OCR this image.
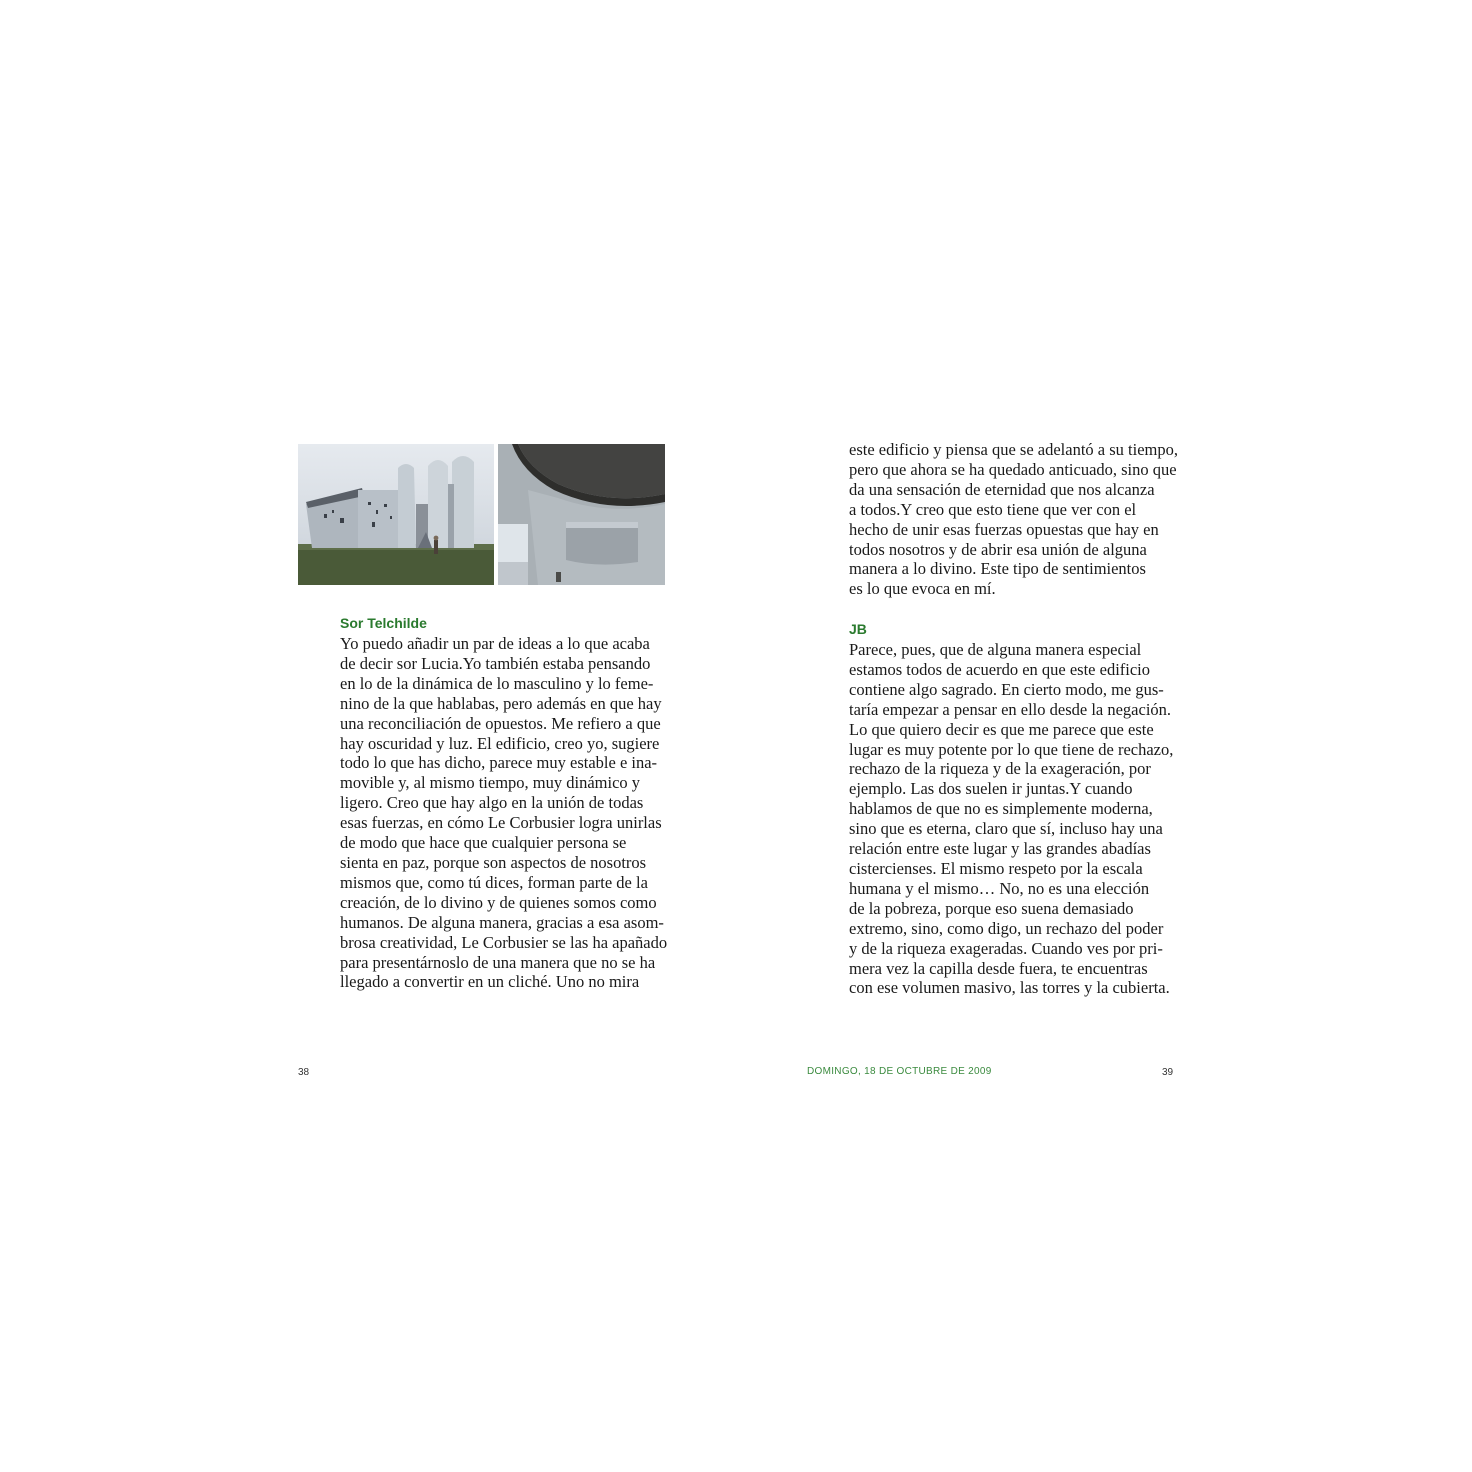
Sor Telchilde
Yo puedo añadir un par de ideas a lo que acaba
de decir sor Lucia.Yo también estaba pensando
en lo de la dinámica de lo masculino y lo feme-
nino de la que hablabas, pero además en que hay
una reconciliación de opuestos. Me refiero a que
hay oscuridad y luz. El edificio, creo yo, sugiere
todo lo que has dicho, parece muy estable e ina-
movible y, al mismo tiempo, muy dinámico y
ligero. Creo que hay algo en la unión de todas
esas fuerzas, en cómo Le Corbusier logra unirlas
de modo que hace que cualquier persona se
sienta en paz, porque son aspectos de nosotros
mismos que, como tú dices, forman parte de la
creación, de lo divino y de quienes somos como
humanos. De alguna manera, gracias a esa asom-
brosa creatividad, Le Corbusier se las ha apañado
para presentárnoslo de una manera que no se ha
llegado a convertir en un cliché. Uno no mira
38
este edificio y piensa que se adelantó a su tiempo,
pero que ahora se ha quedado anticuado, sino que
da una sensación de eternidad que nos alcanza
a todos.Y creo que esto tiene que ver con el
hecho de unir esas fuerzas opuestas que hay en
todos nosotros y de abrir esa unión de alguna
manera a lo divino. Este tipo de sentimientos
es lo que evoca en mí.
JB
Parece, pues, que de alguna manera especial
estamos todos de acuerdo en que este edificio
contiene algo sagrado. En cierto modo, me gus-
taría empezar a pensar en ello desde la negación.
Lo que quiero decir es que me parece que este
lugar es muy potente por lo que tiene de rechazo,
rechazo de la riqueza y de la exageración, por
ejemplo. Las dos suelen ir juntas.Y cuando
hablamos de que no es simplemente moderna,
sino que es eterna, claro que sí, incluso hay una
relación entre este lugar y las grandes abadías
cistercienses. El mismo respeto por la escala
humana y el mismo… No, no es una elección
de la pobreza, porque eso suena demasiado
extremo, sino, como digo, un rechazo del poder
y de la riqueza exageradas. Cuando ves por pri-
mera vez la capilla desde fuera, te encuentras
con ese volumen masivo, las torres y la cubierta.
DOMINGO, 18 DE OCTUBRE DE 2009	39
